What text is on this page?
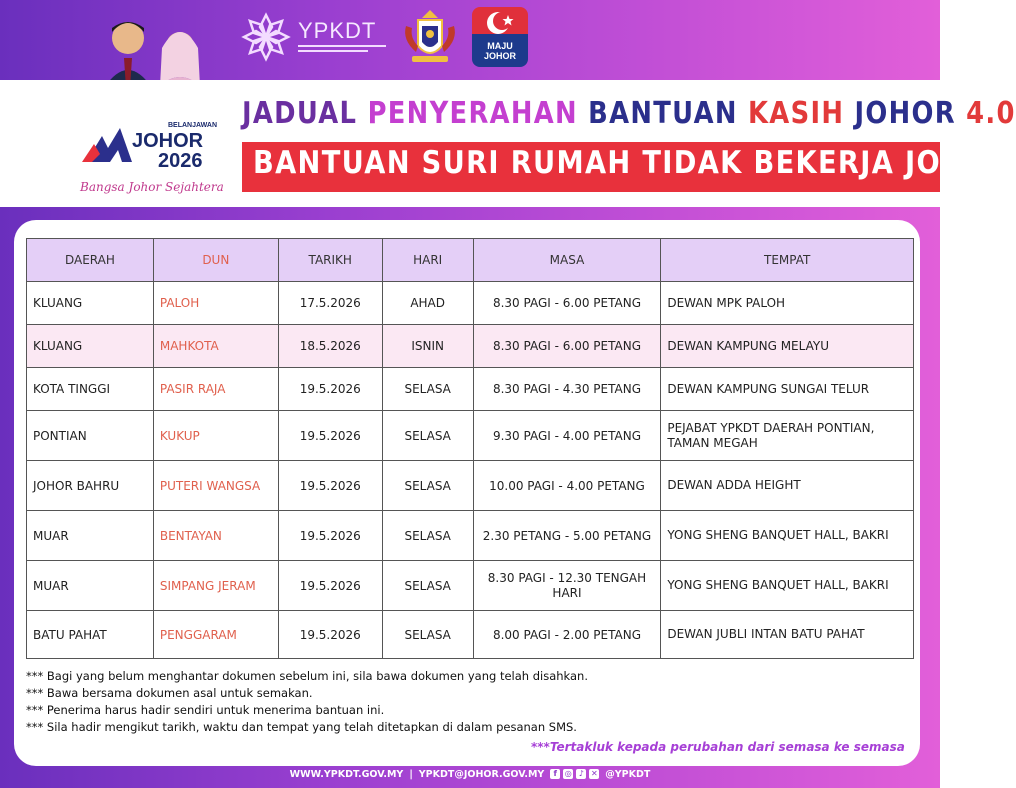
YPKDT
MAJU JOHOR
BELANJAWAN
JOHOR
2026
Bangsa Johor Sejahtera
JADUAL PENYERAHAN BANTUAN KASIH JOHOR 4.0
BANTUAN SURI RUMAH TIDAK BEKERJA JOHOR
DAERAH	DUN	TARIKH	HARI	MASA	TEMPAT
KLUANG	PALOH	17.5.2026	AHAD	8.30 PAGI - 6.00 PETANG	DEWAN MPK PALOH
KLUANG	MAHKOTA	18.5.2026	ISNIN	8.30 PAGI - 6.00 PETANG	DEWAN KAMPUNG MELAYU
KOTA TINGGI	PASIR RAJA	19.5.2026	SELASA	8.30 PAGI - 4.30 PETANG	DEWAN KAMPUNG SUNGAI TELUR
PONTIAN	KUKUP	19.5.2026	SELASA	9.30 PAGI - 4.00 PETANG	PEJABAT YPKDT DAERAH PONTIAN, TAMAN MEGAH
JOHOR BAHRU	PUTERI WANGSA	19.5.2026	SELASA	10.00 PAGI - 4.00 PETANG	DEWAN ADDA HEIGHT
MUAR	BENTAYAN	19.5.2026	SELASA	2.30 PETANG - 5.00 PETANG	YONG SHENG BANQUET HALL, BAKRI
MUAR	SIMPANG JERAM	19.5.2026	SELASA	8.30 PAGI - 12.30 TENGAH HARI	YONG SHENG BANQUET HALL, BAKRI
BATU PAHAT	PENGGARAM	19.5.2026	SELASA	8.00 PAGI - 2.00 PETANG	DEWAN JUBLI INTAN BATU PAHAT
*** Bagi yang belum menghantar dokumen sebelum ini, sila bawa dokumen yang telah disahkan.
*** Bawa bersama dokumen asal untuk semakan.
*** Penerima harus hadir sendiri untuk menerima bantuan ini.
*** Sila hadir mengikut tarikh, waktu dan tempat yang telah ditetapkan di dalam pesanan SMS.
***Tertakluk kepada perubahan dari semasa ke semasa
WWW.YPKDT.GOV.MY | YPKDT@JOHOR.GOV.MY	f ◎ ♪ ✕ @YPKDT
